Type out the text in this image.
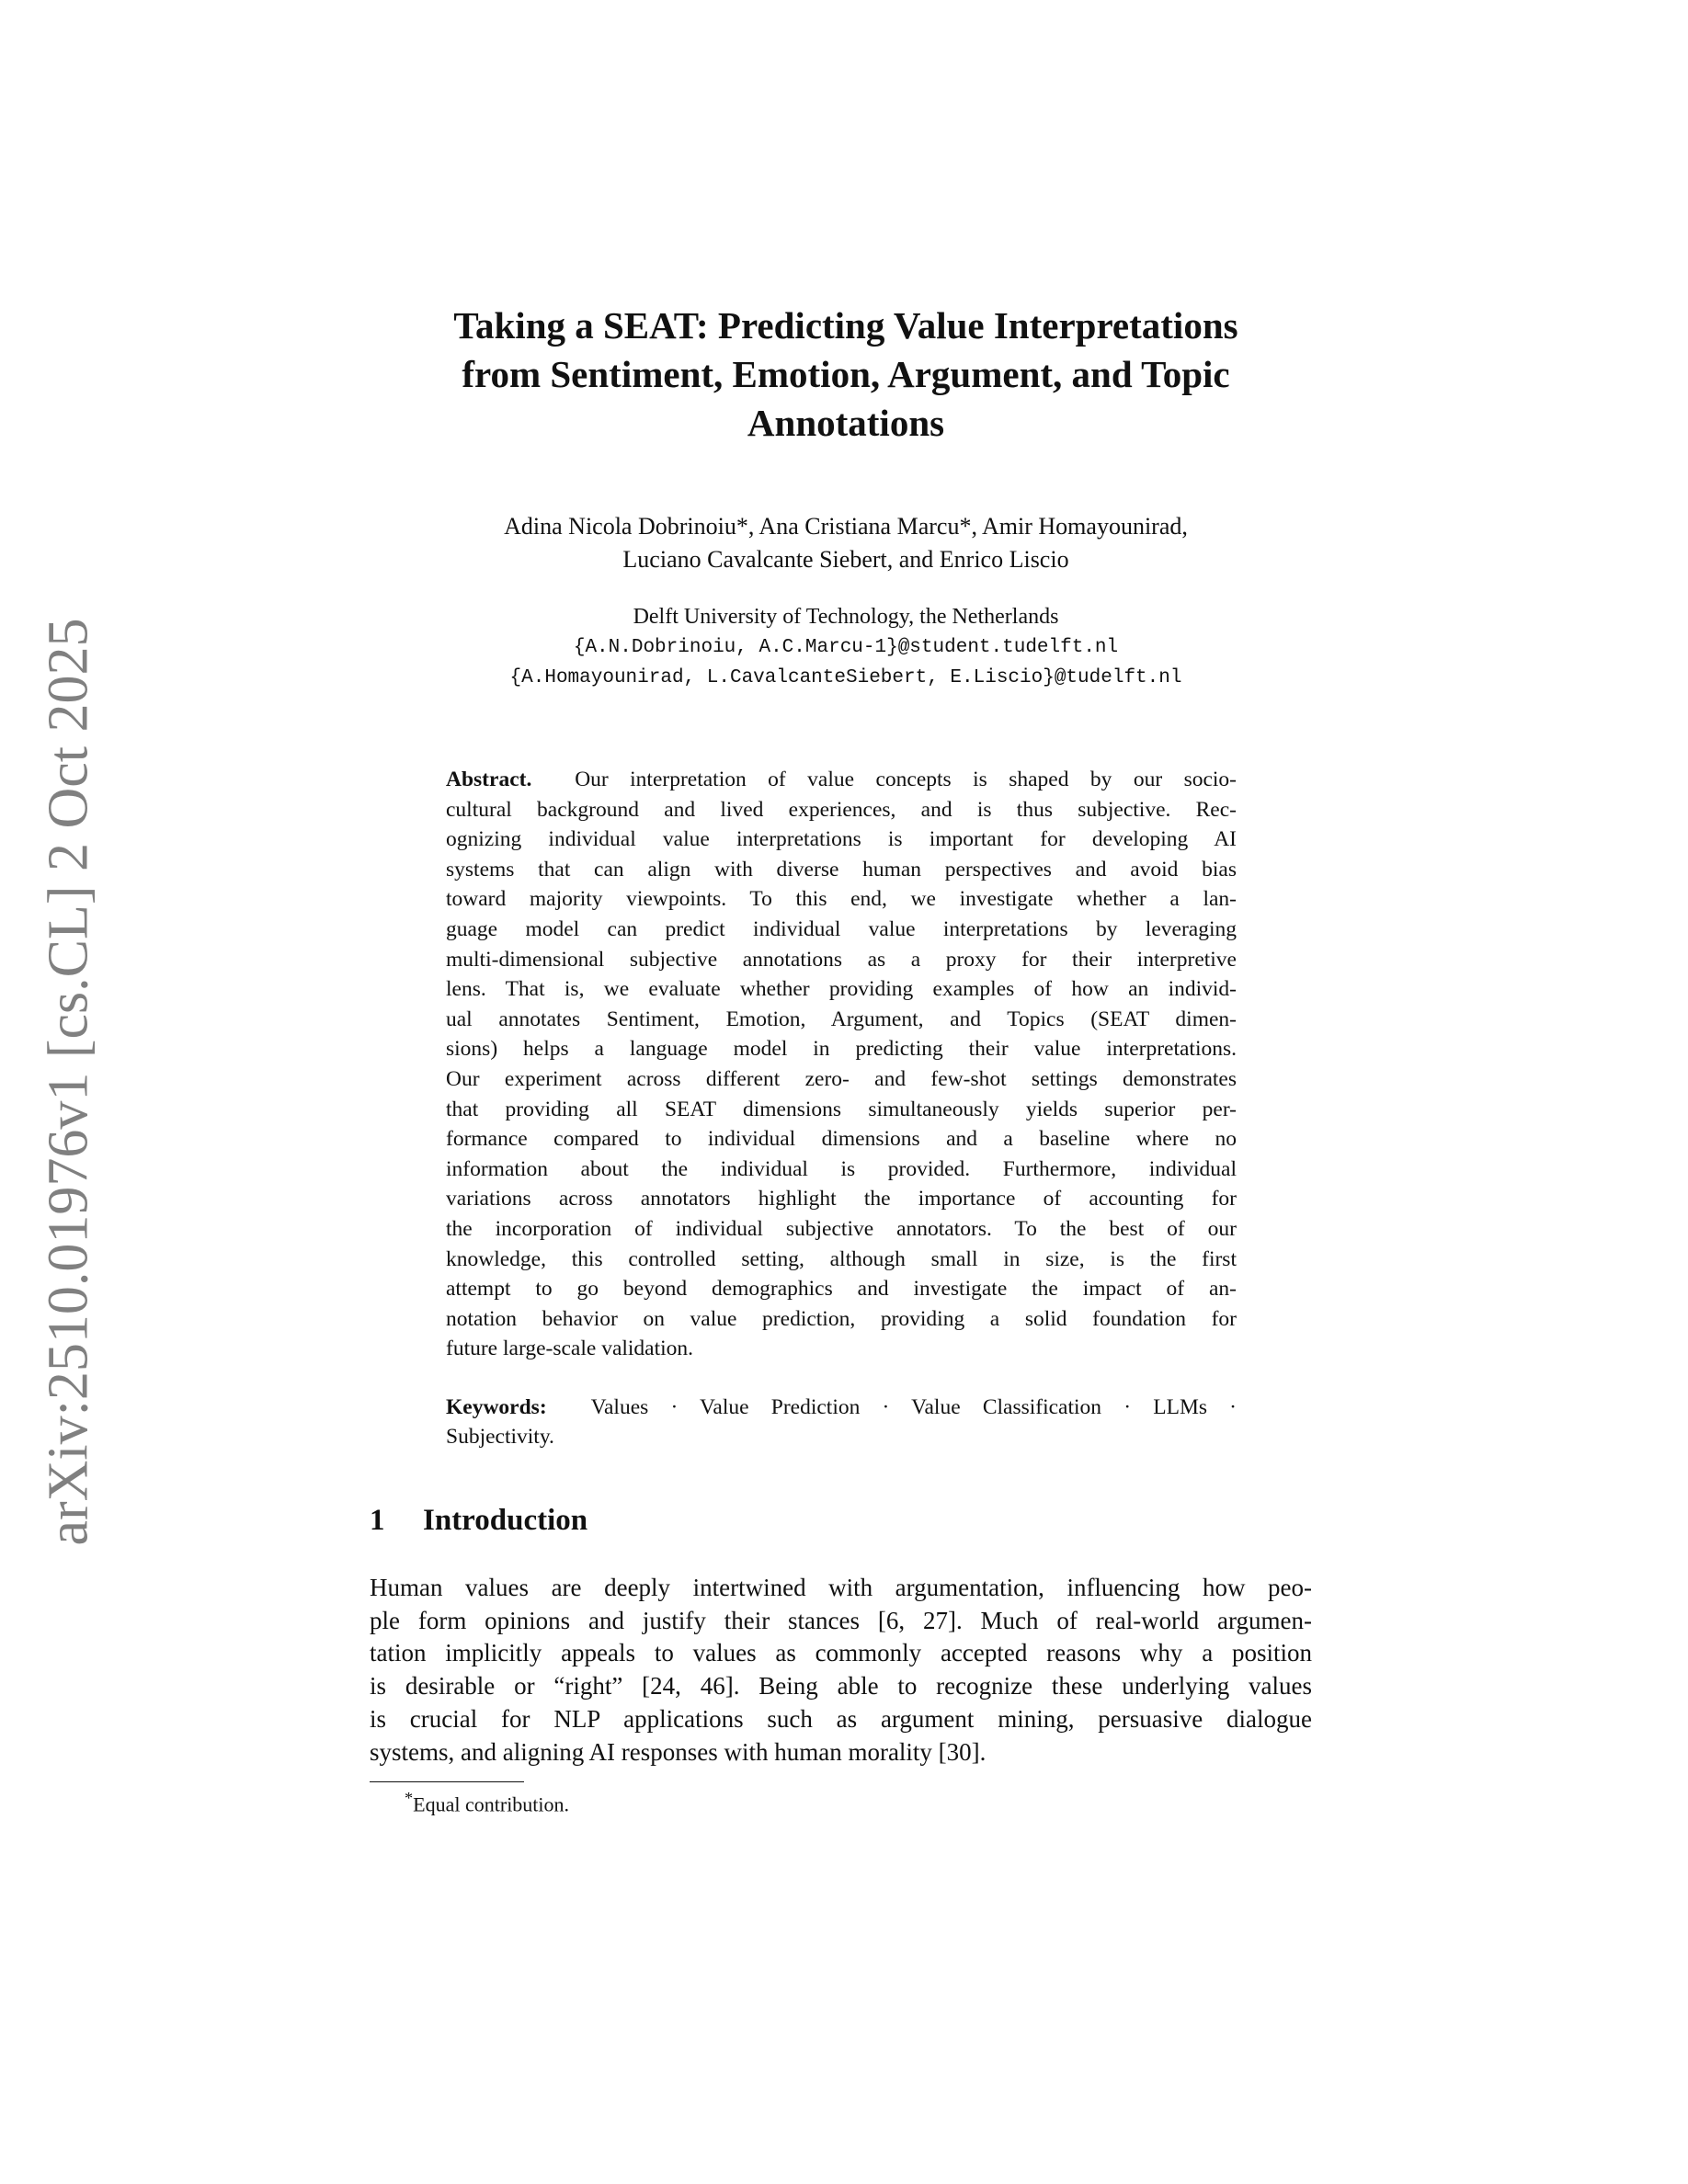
arXiv:2510.01976v1 [cs.CL] 2 Oct 2025
Taking a SEAT: Predicting Value Interpretations
from Sentiment, Emotion, Argument, and Topic
Annotations
Adina Nicola Dobrinoiu*, Ana Cristiana Marcu*, Amir Homayounirad,
Luciano Cavalcante Siebert, and Enrico Liscio
Delft University of Technology, the Netherlands
{A.N.Dobrinoiu, A.C.Marcu-1}@student.tudelft.nl
{A.Homayounirad, L.CavalcanteSiebert, E.Liscio}@tudelft.nl
Abstract. Our interpretation of value concepts is shaped by our socio-
cultural background and lived experiences, and is thus subjective. Rec-
ognizing individual value interpretations is important for developing AI
systems that can align with diverse human perspectives and avoid bias
toward majority viewpoints. To this end, we investigate whether a lan-
guage model can predict individual value interpretations by leveraging
multi-dimensional subjective annotations as a proxy for their interpretive
lens. That is, we evaluate whether providing examples of how an individ-
ual annotates Sentiment, Emotion, Argument, and Topics (SEAT dimen-
sions) helps a language model in predicting their value interpretations.
Our experiment across different zero- and few-shot settings demonstrates
that providing all SEAT dimensions simultaneously yields superior per-
formance compared to individual dimensions and a baseline where no
information about the individual is provided. Furthermore, individual
variations across annotators highlight the importance of accounting for
the incorporation of individual subjective annotators. To the best of our
knowledge, this controlled setting, although small in size, is the first
attempt to go beyond demographics and investigate the impact of an-
notation behavior on value prediction, providing a solid foundation for
future large-scale validation.
Keywords: Values · Value Prediction · Value Classification · LLMs ·
Subjectivity.
1 Introduction
Human values are deeply intertwined with argumentation, influencing how peo-
ple form opinions and justify their stances [6, 27]. Much of real-world argumen-
tation implicitly appeals to values as commonly accepted reasons why a position
is desirable or “right” [24, 46]. Being able to recognize these underlying values
is crucial for NLP applications such as argument mining, persuasive dialogue
systems, and aligning AI responses with human morality [30].
*Equal contribution.
